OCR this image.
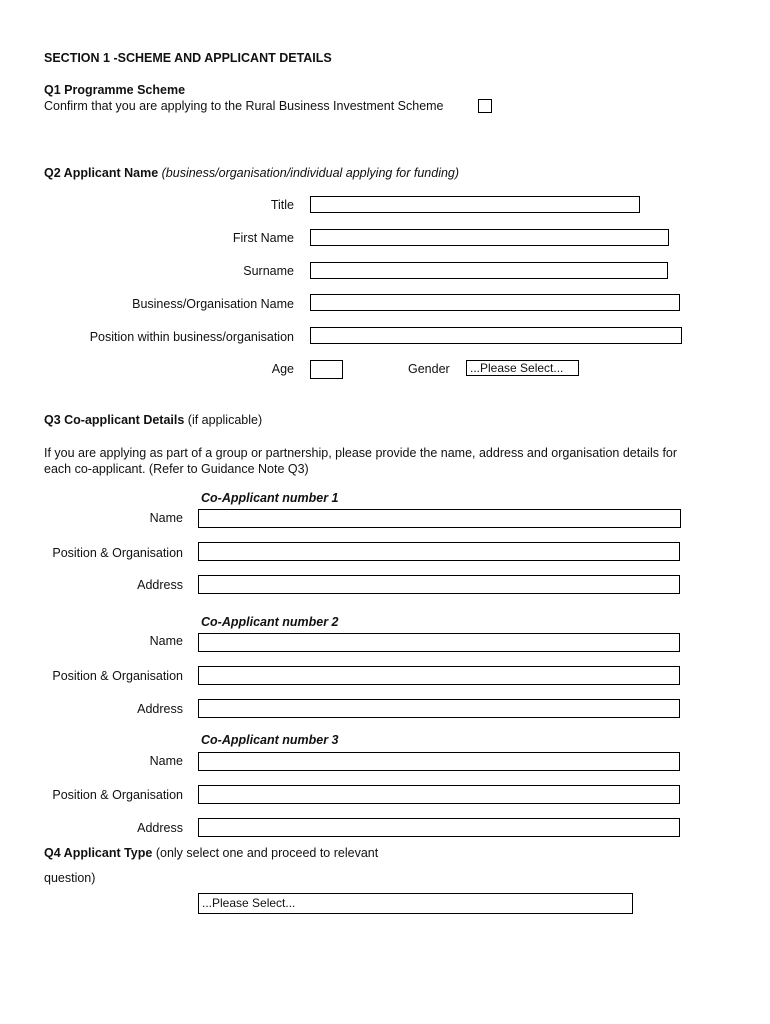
SECTION 1 -SCHEME AND APPLICANT DETAILS
Q1 Programme Scheme
Confirm that you are applying to the Rural Business Investment Scheme
Q2 Applicant Name (business/organisation/individual applying for funding)
Title
First Name
Surname
Business/Organisation Name
Position within business/organisation
Age	Gender	...Please Select...
Q3 Co-applicant Details (if applicable)
If you are applying as part of a group or partnership, please provide the name, address and organisation details for
each co-applicant. (Refer to Guidance Note Q3)
Co-Applicant number 1
Name
Position & Organisation
Address
Co-Applicant number 2
Name
Position & Organisation
Address
Co-Applicant number 3
Name
Position & Organisation
Address
Q4 Applicant Type (only select one and proceed to relevant
question)
...Please Select...
